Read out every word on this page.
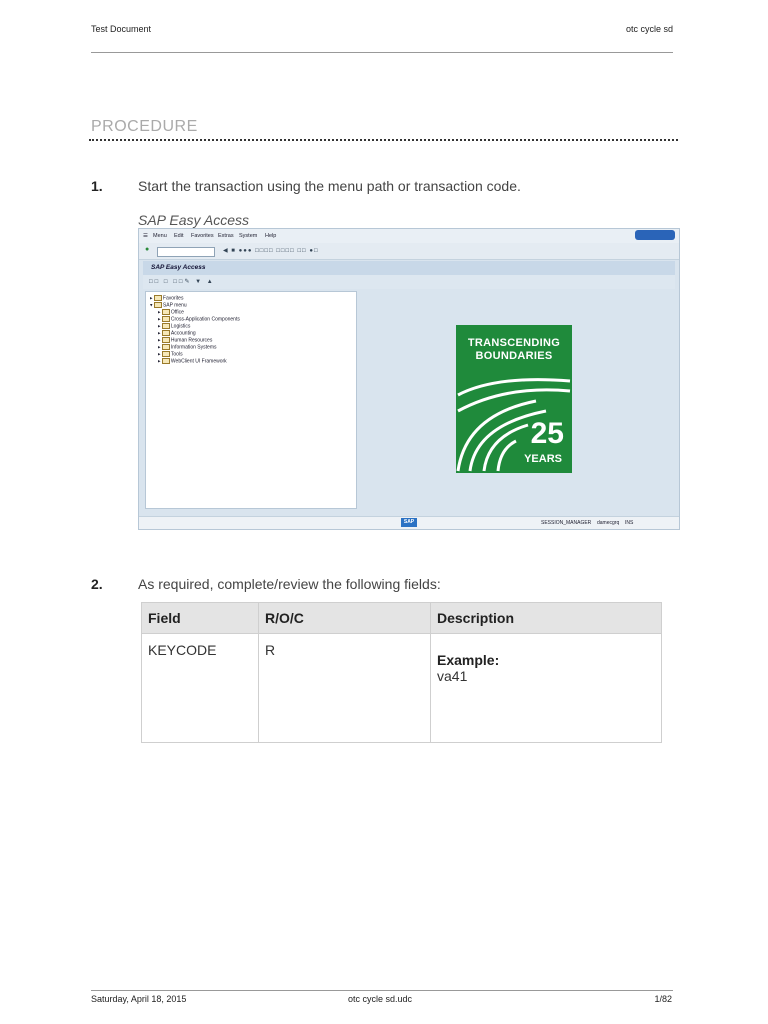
Test Document	otc cycle sd
PROCEDURE
1.	Start the transaction using the menu path or transaction code.
SAP Easy Access
☰ Menu Edit Favorites Extras System Help
●	◀ ■ ●●● □□□□ □□□□ □□ ●□
SAP Easy Access
□□ □ □□✎ ▼ ▲
▸ Favorites
▾ SAP menu
▸ Office
▸ Cross-Application Components
▸ Logistics
▸ Accounting
▸ Human Resources
▸ Information Systems
▸ Tools
▸ WebClient UI Framework
TRANSCENDING
BOUNDARIES
25
YEARS
SAP	SESSION_MANAGER damecgrq INS
2.	As required, complete/review the following fields:
Field	R/O/C	Description
KEYCODE	R	Example:
va41
Saturday, April 18, 2015	otc cycle sd.udc	1/82
